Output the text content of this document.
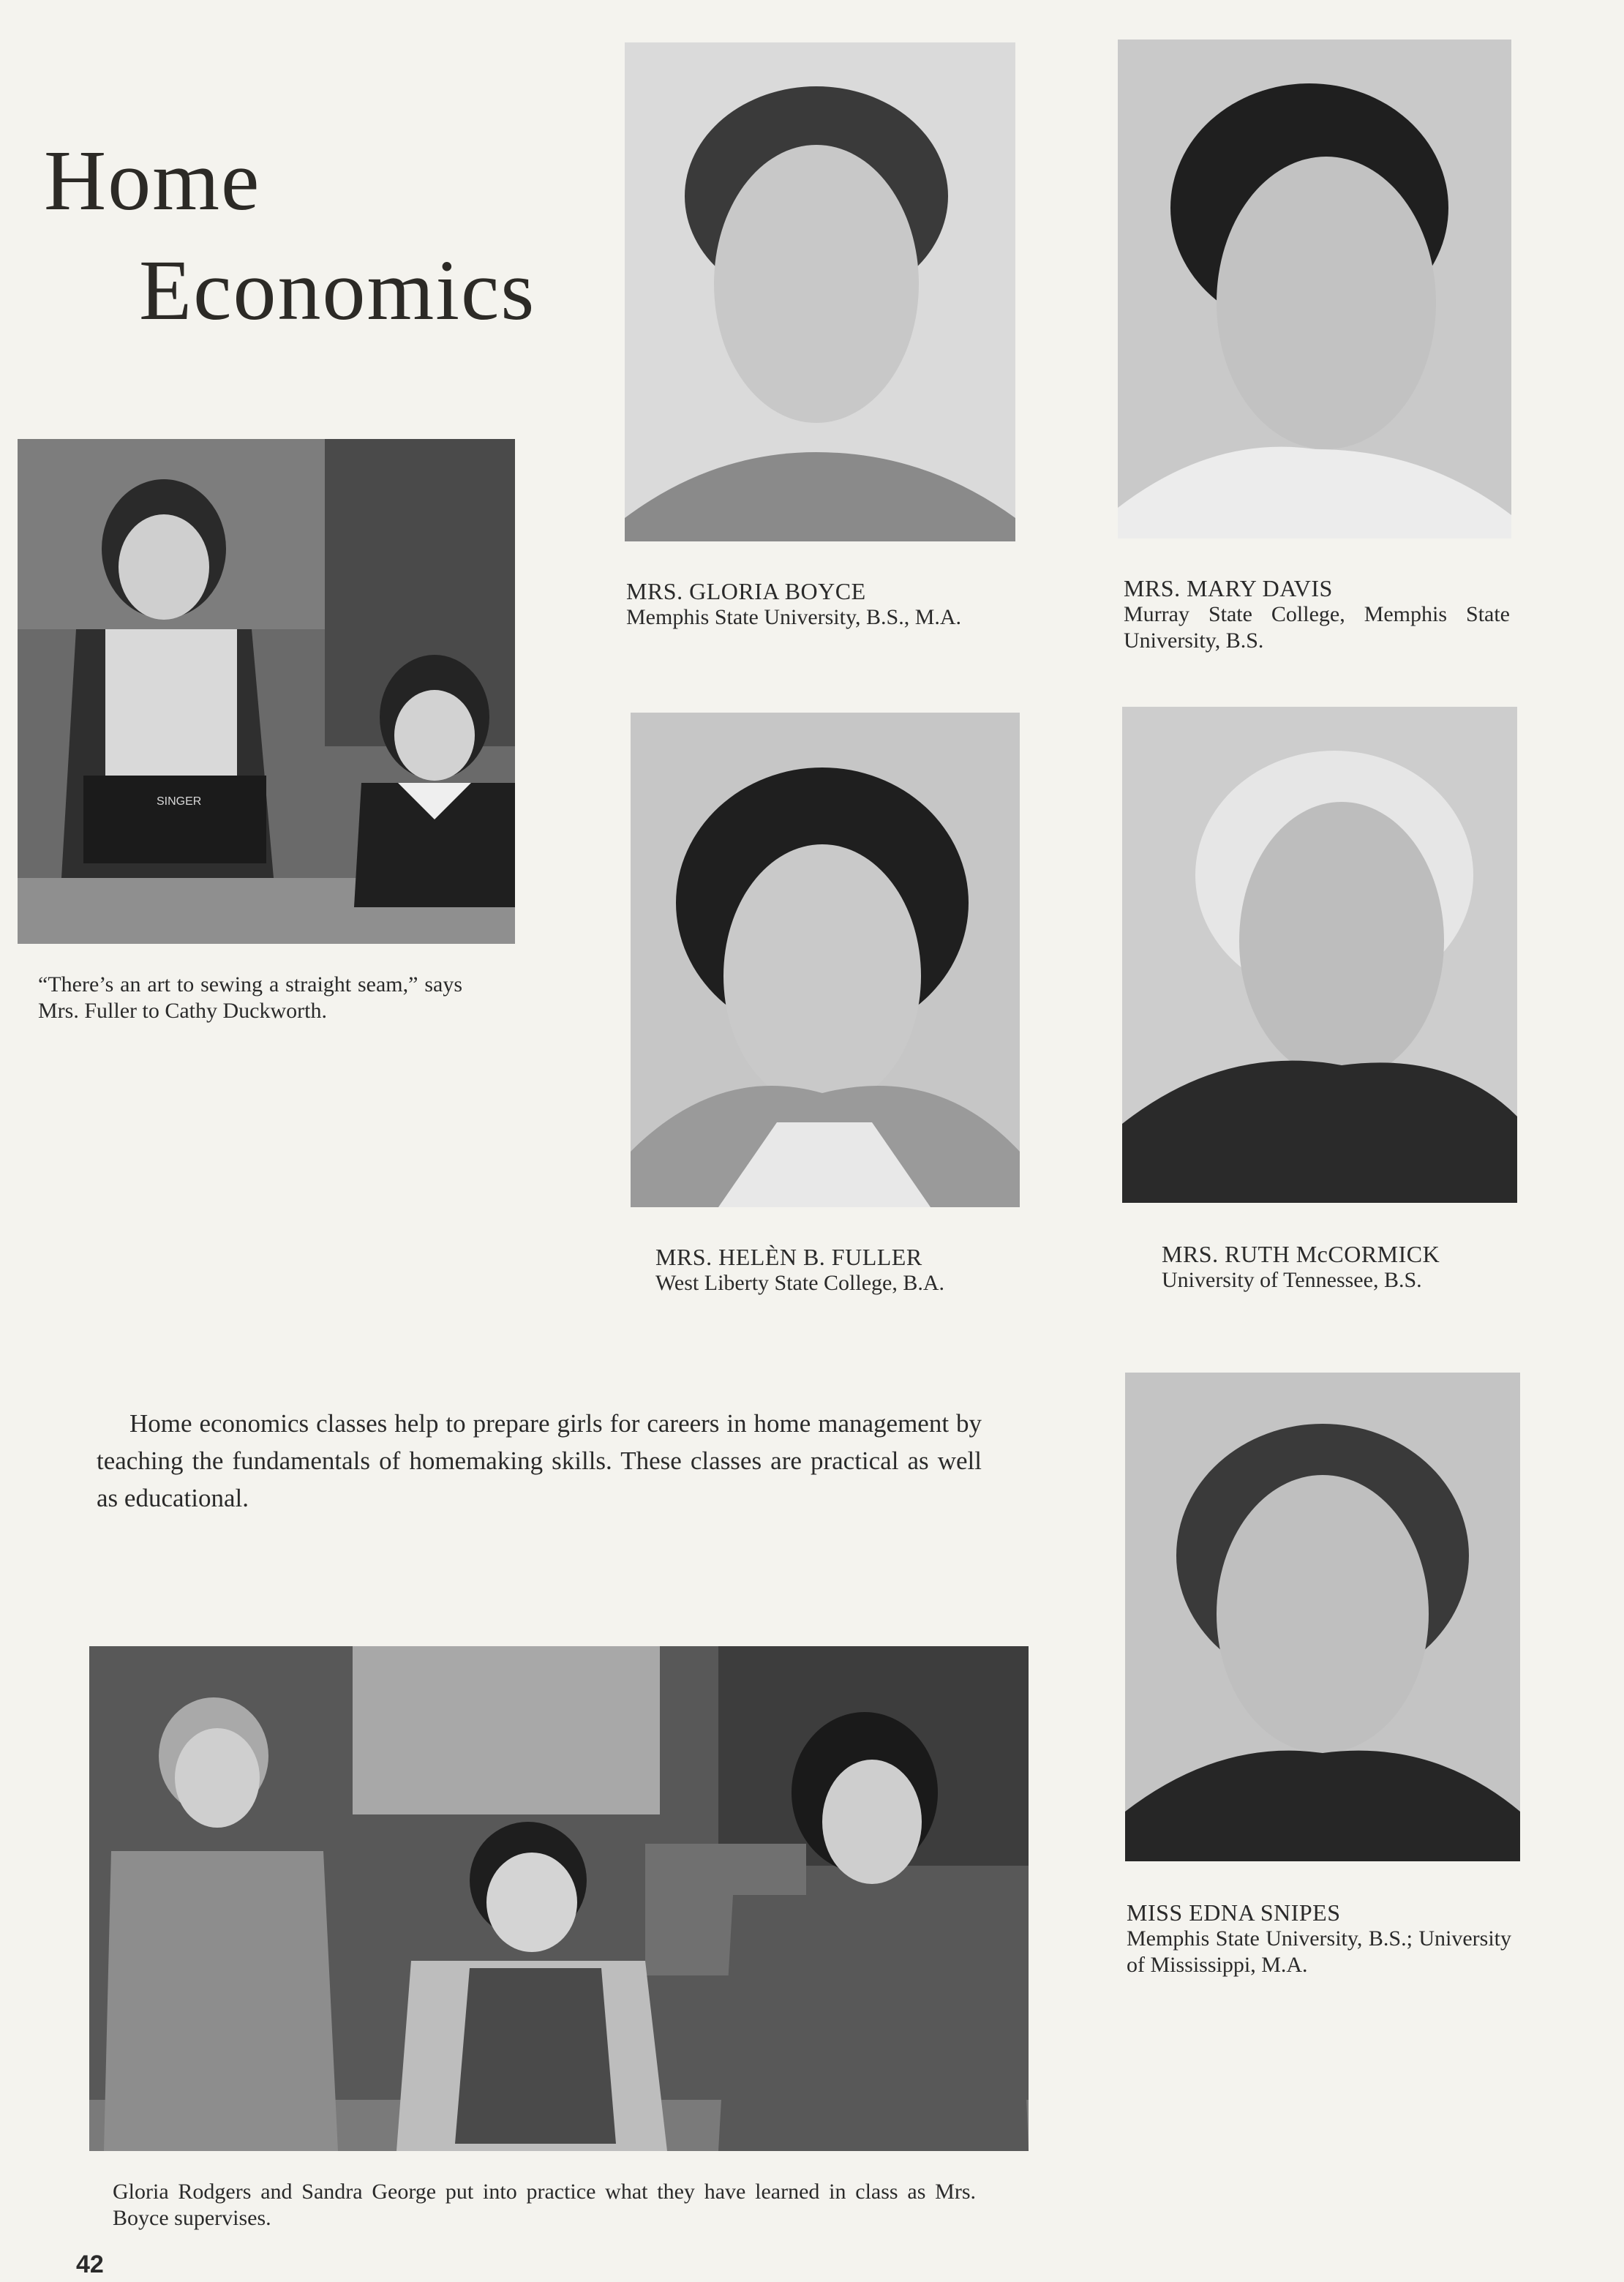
Home
Economics
SINGER

“There’s an art to sewing a straight seam,” says Mrs. Fuller to Cathy Duckworth.

MRS. GLORIA BOYCE
Memphis State University, B.S., M.A.

MRS. MARY DAVIS
Murray State College, Memphis State University, B.S.

MRS. HELÈN B. FULLER
West Liberty State College, B.A.

MRS. RUTH McCORMICK
University of Tennessee, B.S.

Home economics classes help to prepare girls for careers in home management by teaching the fundamentals of homemaking skills. These classes are practical as well as educational.

MISS EDNA SNIPES
Memphis State University, B.S.; University of Mississippi, M.A.

Gloria Rodgers and Sandra George put into practice what they have learned in class as Mrs. Boyce supervises.

42
